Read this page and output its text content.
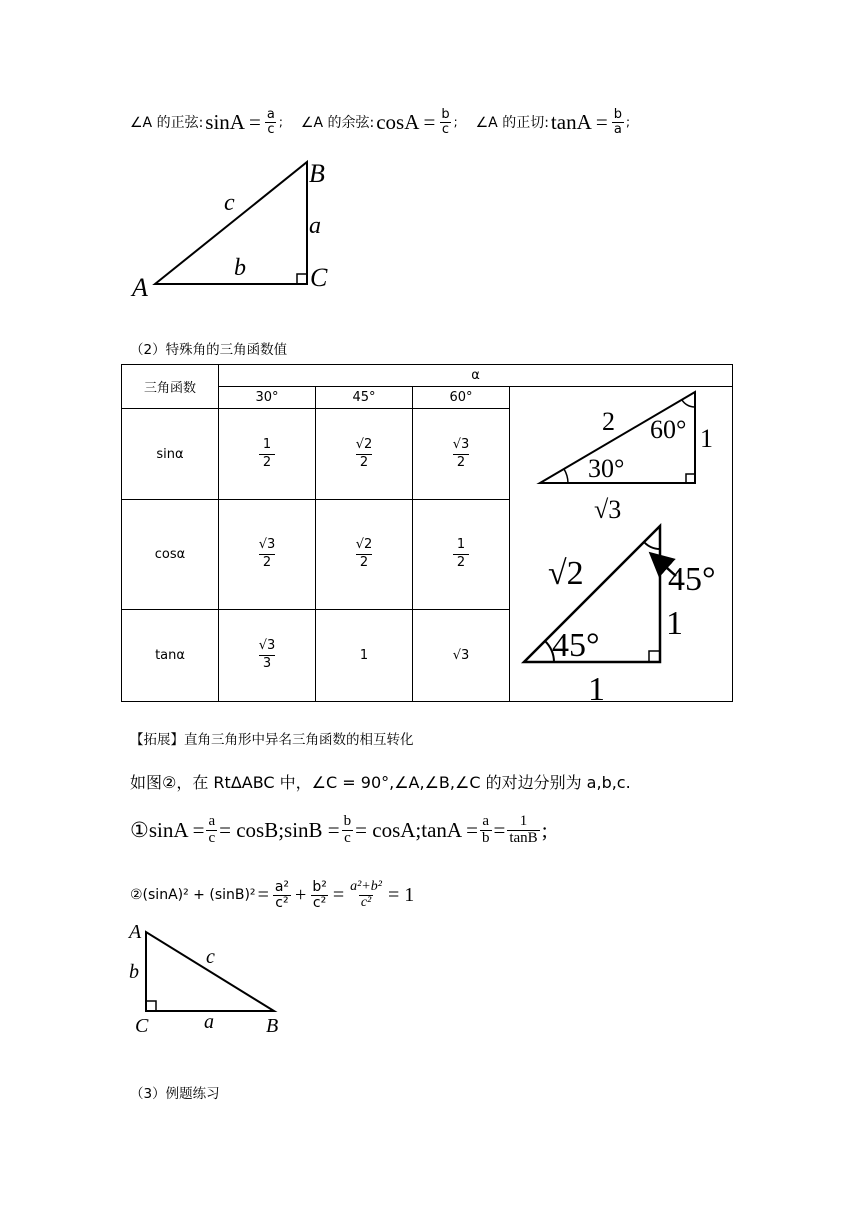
∠A 的正弦: $\sin A = \frac{a}{c}$ ; ∠A 的余弦: $\cos A = \frac{b}{c}$ ; ∠A 的正切: $\tan A = \frac{b}{a}$ ;
A
B
C
a
b
c
（2）特殊角的三角函数值
三角函数	α			
	30°	45°	60°	
sinα	$\frac{1}{2}$	$\frac{√2}{2}$	$\frac{√3}{2}$

cosα	$\frac{√3}{2}$	$\frac{√2}{2}$	$\frac{1}{2}$

tanα	$\frac{√3}{3}$	1	√3	
2 60° 1
30°
√3
√2 45°
1
45°
1
【拓展】直角三角形中异名三角函数的相互转化
如图②，在 RtΔABC 中，∠C = 90°,∠A,∠B,∠C 的对边分别为 a,b,c.
①sinA = $\frac{a}{c}$ = cosB;sinB = $\frac{b}{c}$ = cosA;tanA = $\frac{a}{b} = \frac{1}{\tan B}$ ;
②(sinA)² + $(\sin B)^2 = \frac{\text{a²}}{\text{c²}} + \frac{\text{b²}}{\text{c²}} = \frac{\text{a²+b²}}{\text{c²}} = 1$
A
C	B
b
c
a
（3）例题练习
